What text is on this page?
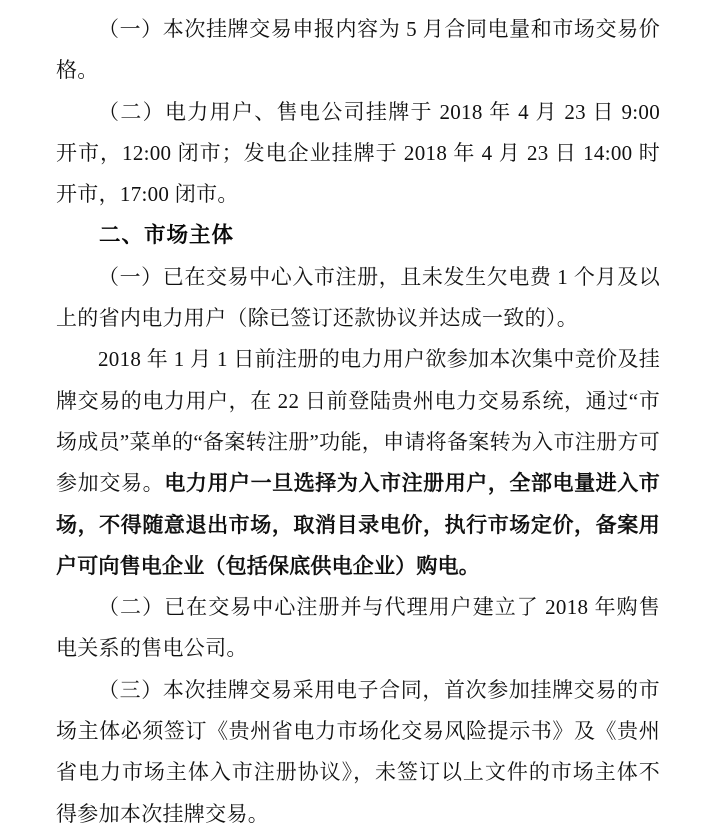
（一）本次挂牌交易申报内容为 5 月合同电量和市场交易价格。

（二）电力用户、售电公司挂牌于 2018 年 4 月 23 日 9:00 开市，12:00 闭市；发电企业挂牌于 2018 年 4 月 23 日 14:00 时开市，17:00 闭市。

二、市场主体

（一）已在交易中心入市注册，且未发生欠电费 1 个月及以上的省内电力用户（除已签订还款协议并达成一致的）。

2018 年 1 月 1 日前注册的电力用户欲参加本次集中竞价及挂牌交易的电力用户，在 22 日前登陆贵州电力交易系统，通过“市场成员”菜单的“备案转注册”功能，申请将备案转为入市注册方可参加交易。电力用户一旦选择为入市注册用户，全部电量进入市场，不得随意退出市场，取消目录电价，执行市场定价，备案用户可向售电企业（包括保底供电企业）购电。

（二）已在交易中心注册并与代理用户建立了 2018 年购售电关系的售电公司。

（三）本次挂牌交易采用电子合同，首次参加挂牌交易的市场主体必须签订《贵州省电力市场化交易风险提示书》及《贵州省电力市场主体入市注册协议》，未签订以上文件的市场主体不得参加本次挂牌交易。
